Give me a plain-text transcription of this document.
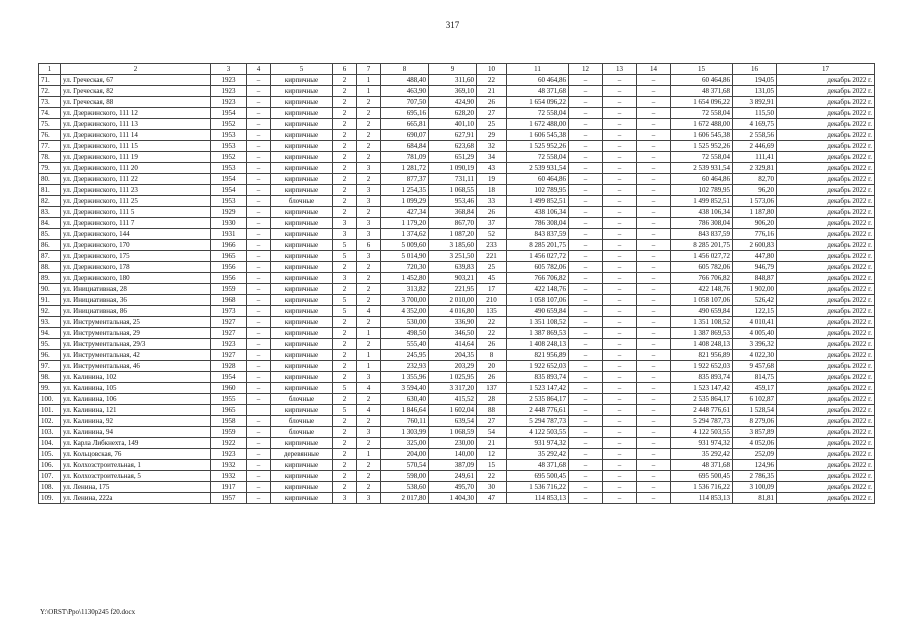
317
1	2	3	4	5	6	7	8	9	10	11	12	13	14	15	16	17
71.	ул. Греческая, 67	1923	–	кирпичные	2	1	488,40	311,60	22	60 464,86	–	–	–	60 464,86	194,05	декабрь 2022 г.
72.	ул. Греческая, 82	1923	–	кирпичные	2	1	463,90	369,10	21	48 371,68	–	–	–	48 371,68	131,05	декабрь 2022 г.
73.	ул. Греческая, 88	1923	–	кирпичные	2	2	707,50	424,90	26	1 654 096,22	–	–	–	1 654 096,22	3 892,91	декабрь 2022 г.
74.	ул. Дзержинского, 111 12	1954	–	кирпичные	2	2	695,16	628,20	27	72 558,04	–	–	–	72 558,04	115,50	декабрь 2022 г.
75.	ул. Дзержинского, 111 13	1952	–	кирпичные	2	2	665,81	401,10	25	1 672 488,00	–	–	–	1 672 488,00	4 169,75	декабрь 2022 г.
76.	ул. Дзержинского, 111 14	1953	–	кирпичные	2	2	690,07	627,91	29	1 606 545,38	–	–	–	1 606 545,38	2 558,56	декабрь 2022 г.
77.	ул. Дзержинского, 111 15	1953	–	кирпичные	2	2	684,84	623,68	32	1 525 952,26	–	–	–	1 525 952,26	2 446,69	декабрь 2022 г.
78.	ул. Дзержинского, 111 19	1952	–	кирпичные	2	2	781,09	651,29	34	72 558,04	–	–	–	72 558,04	111,41	декабрь 2022 г.
79.	ул. Дзержинского, 111 20	1953	–	кирпичные	2	3	1 281,72	1 090,19	43	2 539 931,54	–	–	–	2 539 931,54	2 329,81	декабрь 2022 г.
80.	ул. Дзержинского, 111 22	1954	–	кирпичные	2	2	877,37	731,11	19	60 464,86	–	–	–	60 464,86	82,70	декабрь 2022 г.
81.	ул. Дзержинского, 111 23	1954	–	кирпичные	2	3	1 254,35	1 068,55	18	102 789,95	–	–	–	102 789,95	96,20	декабрь 2022 г.
82.	ул. Дзержинского, 111 25	1953	–	блочные	2	3	1 099,29	953,46	33	1 499 852,51	–	–	–	1 499 852,51	1 573,06	декабрь 2022 г.
83.	ул. Дзержинского, 111 5	1929	–	кирпичные	2	2	427,34	368,84	26	438 106,34	–	–	–	438 106,34	1 187,80	декабрь 2022 г.
84.	ул. Дзержинского, 111 7	1930	–	кирпичные	3	3	1 179,20	867,70	37	786 308,04	–	–	–	786 308,04	906,20	декабрь 2022 г.
85.	ул. Дзержинского, 144	1931	–	кирпичные	3	3	1 374,62	1 087,20	52	843 837,59	–	–	–	843 837,59	776,16	декабрь 2022 г.
86.	ул. Дзержинского, 170	1966	–	кирпичные	5	6	5 009,60	3 185,60	233	8 285 201,75	–	–	–	8 285 201,75	2 600,83	декабрь 2022 г.
87.	ул. Дзержинского, 175	1965	–	кирпичные	5	3	5 014,90	3 251,50	221	1 456 027,72	–	–	–	1 456 027,72	447,80	декабрь 2022 г.
88.	ул. Дзержинского, 178	1956	–	кирпичные	2	2	720,30	639,83	25	605 782,06	–	–	–	605 782,06	946,79	декабрь 2022 г.
89.	ул. Дзержинского, 180	1956	–	кирпичные	3	2	1 452,80	903,21	45	766 706,82	–	–	–	766 706,82	848,87	декабрь 2022 г.
90.	ул. Инициативная, 28	1959	–	кирпичные	2	2	313,82	221,95	17	422 148,76	–	–	–	422 148,76	1 902,00	декабрь 2022 г.
91.	ул. Инициативная, 36	1968	–	кирпичные	5	2	3 700,00	2 010,00	210	1 058 107,06	–	–	–	1 058 107,06	526,42	декабрь 2022 г.
92.	ул. Инициативная, 86	1973	–	кирпичные	5	4	4 352,00	4 016,80	135	490 659,84	–	–	–	490 659,84	122,15	декабрь 2022 г.
93.	ул. Инструментальная, 25	1927	–	кирпичные	2	2	530,00	336,90	22	1 351 108,52	–	–	–	1 351 108,52	4 010,41	декабрь 2022 г.
94.	ул. Инструментальная, 29	1927	–	кирпичные	2	1	498,50	346,50	22	1 387 869,53	–	–	–	1 387 869,53	4 005,40	декабрь 2022 г.
95.	ул. Инструментальная, 29/3	1923	–	кирпичные	2	2	555,40	414,64	26	1 408 248,13	–	–	–	1 408 248,13	3 396,32	декабрь 2022 г.
96.	ул. Инструментальная, 42	1927	–	кирпичные	2	1	245,95	204,35	8	821 956,89	–	–	–	821 956,89	4 022,30	декабрь 2022 г.
97.	ул. Инструментальная, 46	1928	–	кирпичные	2	1	232,93	203,29	20	1 922 652,03	–	–	–	1 922 652,03	9 457,68	декабрь 2022 г.
98.	ул. Калинина, 102	1954	–	кирпичные	2	3	1 355,96	1 025,95	26	835 893,74	–	–	–	835 893,74	814,75	декабрь 2022 г.
99.	ул. Калинина, 105	1960	–	кирпичные	5	4	3 594,40	3 317,20	137	1 523 147,42	–	–	–	1 523 147,42	459,17	декабрь 2022 г.
100.	ул. Калинина, 106	1955	–	блочные	2	2	630,40	415,52	28	2 535 864,17	–	–	–	2 535 864,17	6 102,87	декабрь 2022 г.
101.	ул. Калинина, 121	1965		кирпичные	5	4	1 846,64	1 602,04	88	2 448 776,61	–	–	–	2 448 776,61	1 528,54	декабрь 2022 г.
102.	ул. Калинина, 92	1958	–	блочные	2	2	760,11	639,54	27	5 294 787,73	–	–	–	5 294 787,73	8 279,06	декабрь 2022 г.
103.	ул. Калинина, 94	1959	–	блочные	2	3	1 303,99	1 068,59	54	4 122 503,55	–	–	–	4 122 503,55	3 857,89	декабрь 2022 г.
104.	ул. Карла Либкнехта, 149	1922	–	кирпичные	2	2	325,00	230,00	21	931 974,32	–	–	–	931 974,32	4 052,06	декабрь 2022 г.
105.	ул. Кольцовская, 76	1923	–	деревянные	2	1	204,00	140,00	12	35 292,42	–	–	–	35 292,42	252,09	декабрь 2022 г.
106.	ул. Колхозстроительная, 1	1932	–	кирпичные	2	2	570,54	387,09	15	48 371,68	–	–	–	48 371,68	124,96	декабрь 2022 г.
107.	ул. Колхозстроительная, 5	1932	–	кирпичные	2	2	598,00	249,61	22	695 500,45	–	–	–	695 500,45	2 786,35	декабрь 2022 г.
108.	ул. Ленина, 175	1917	–	кирпичные	2	2	538,60	495,70	30	1 536 716,22	–	–	–	1 536 716,22	3 100,09	декабрь 2022 г.
109.	ул. Ленина, 222а	1957	–	кирпичные	3	3	2 017,80	1 404,30	47	114 853,13	–	–	–	114 853,13	81,81	декабрь 2022 г.
Y:\ORST\Ppo\1130p245 f20.docx
